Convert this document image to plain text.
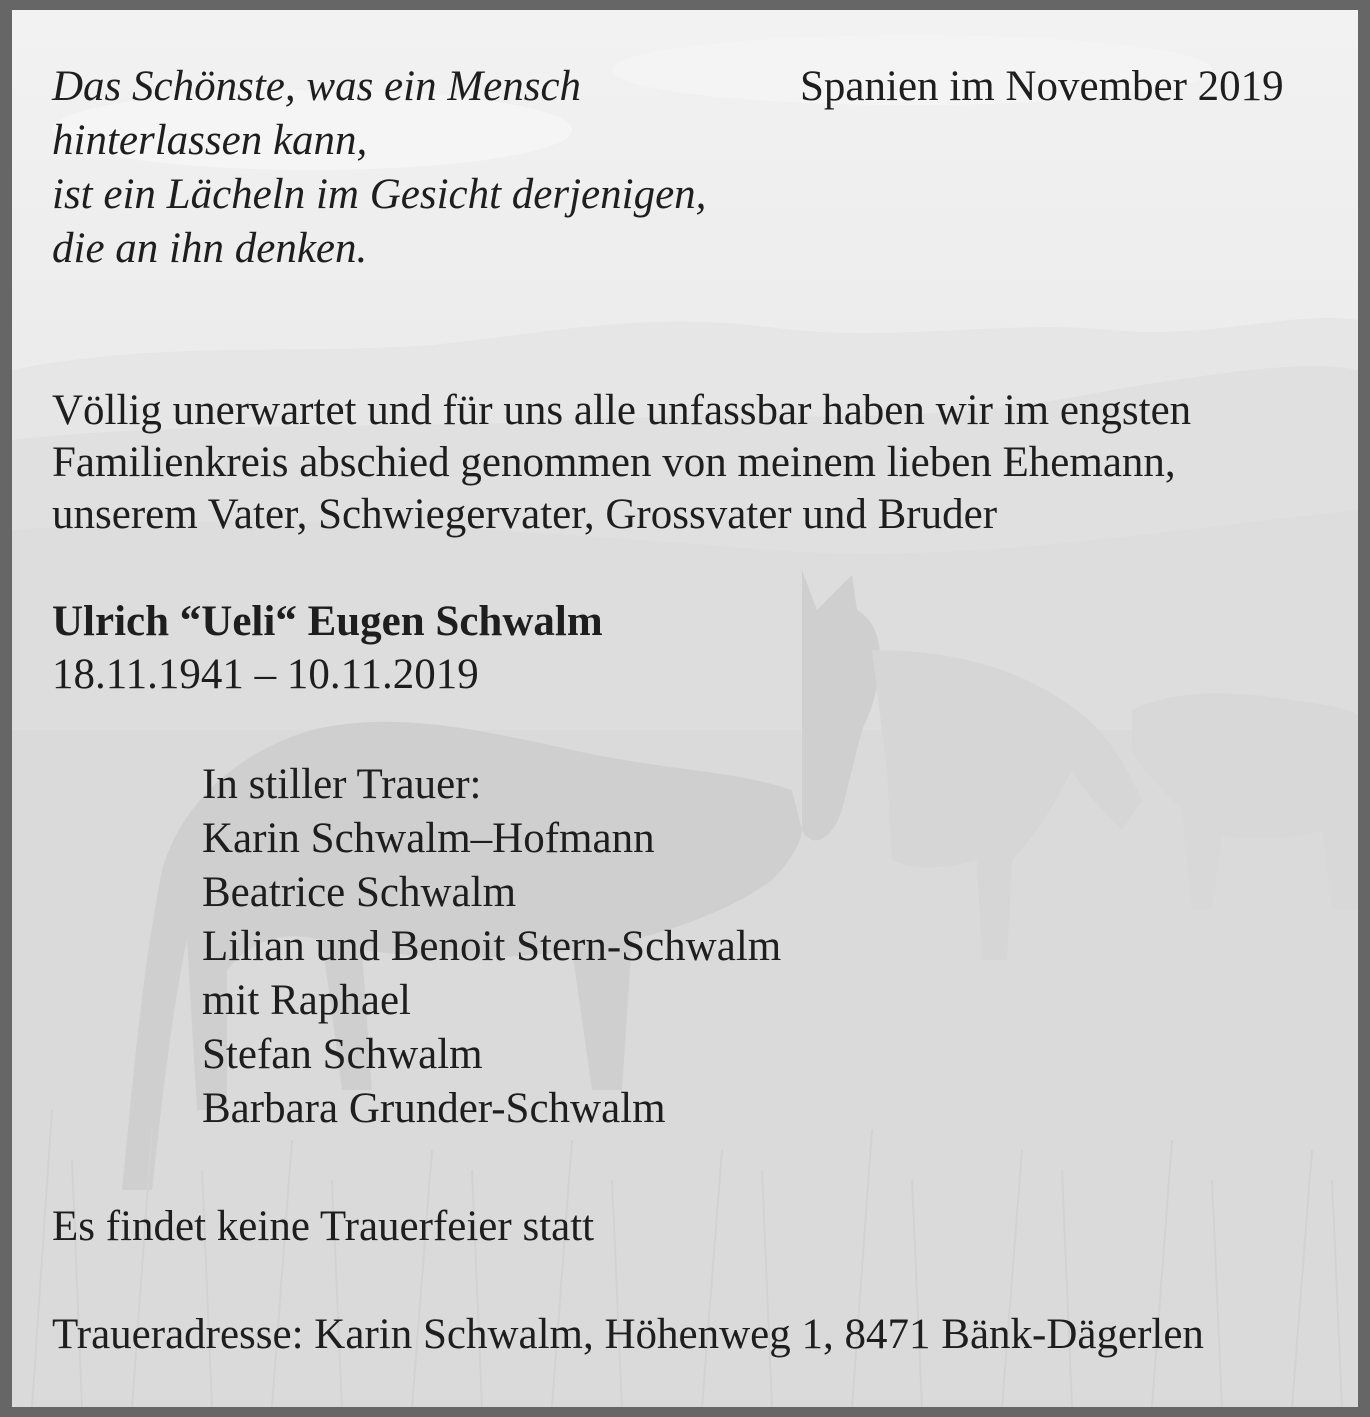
Das Schönste, was ein Mensch
hinterlassen kann,
ist ein Lächeln im Gesicht derjenigen,
die an ihn denken.
Spanien im November 2019
Völlig unerwartet und für uns alle unfassbar haben wir im engsten
Familienkreis abschied genommen von meinem lieben Ehemann,
unserem Vater, Schwiegervater, Grossvater und Bruder
Ulrich “Ueli“ Eugen Schwalm
18.11.1941 – 10.11.2019
In stiller Trauer:
Karin Schwalm–Hofmann
Beatrice Schwalm
Lilian und Benoit Stern-Schwalm
mit Raphael
Stefan Schwalm
Barbara Grunder-Schwalm
Es findet keine Trauerfeier statt
Traueradresse: Karin Schwalm, Höhenweg 1, 8471 Bänk-Dägerlen
